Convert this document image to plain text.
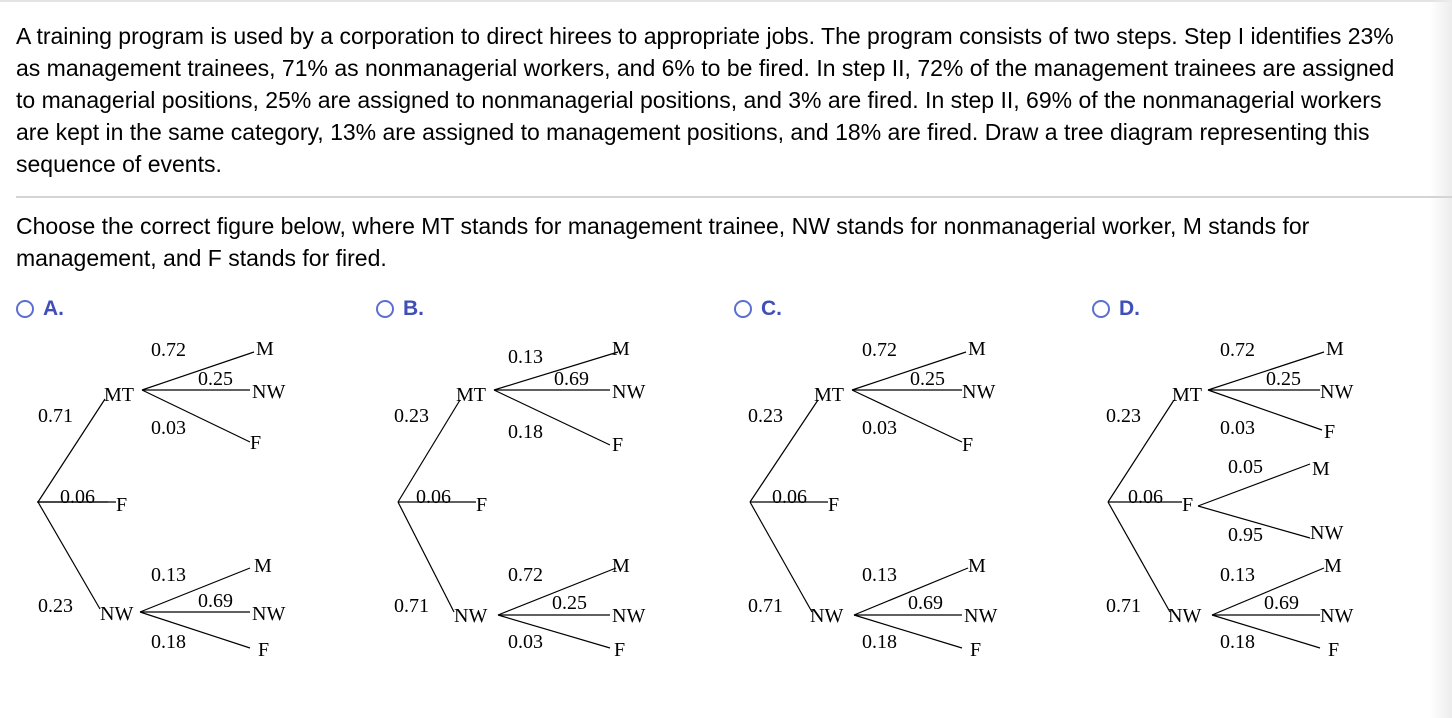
A training program is used by a corporation to direct hirees to appropriate jobs. The program consists of two steps. Step I identifies 23% as management trainees, 71% as nonmanagerial workers, and 6% to be fired. In step II, 72% of the management trainees are assigned to managerial positions, 25% are assigned to nonmanagerial positions, and 3% are fired. In step II, 69% of the nonmanagerial workers are kept in the same category, 13% are assigned to management positions, and 18% are fired. Draw a tree diagram representing this sequence of events.

Choose the correct figure below, where MT stands for management trainee, NW stands for nonmanagerial worker, M stands for management, and F stands for fired.

A.
0.71
0.06
0.23
MT
F
NW
0.72
0.25
0.03
M
NW
F
0.13
0.69
0.18
M
NW
F
B.
0.23
0.06
0.71
MT
F
NW
0.13
0.69
0.18
M
NW
F
0.72
0.25
0.03
M
NW
F
C.
0.23
0.06
0.71
MT
F
NW
0.72
0.25
0.03
M
NW
F
0.13
0.69
0.18
M
NW
F
D.
0.23
0.06
0.71
MT
F
NW
0.72
0.25
0.03
M
NW
F
0.05
0.95
M
NW
0.13
0.69
0.18
M
NW
F
